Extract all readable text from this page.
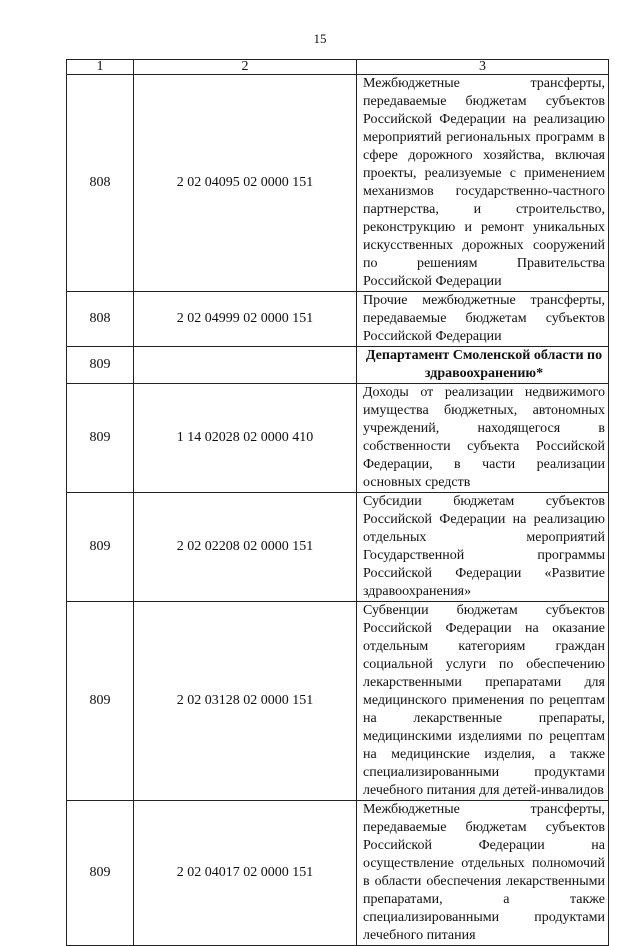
15
1	2	3
808	2 02 04095 02 0000 151	Межбюджетные трансферты, передаваемые бюджетам субъектов Российской Федерации на реализацию мероприятий региональных программ в сфере дорожного хозяйства, включая проекты, реализуемые с применением механизмов государственно-частного партнерства, и строительство, реконструкцию и ремонт уникальных искусственных дорожных сооружений по решениям Правительства Российской Федерации
808	2 02 04999 02 0000 151	Прочие межбюджетные трансферты, передаваемые бюджетам субъектов Российской Федерации
809		Департамент Смоленской области по здравоохранению*
809	1 14 02028 02 0000 410	Доходы от реализации недвижимого имущества бюджетных, автономных учреждений, находящегося в собственности субъекта Российской Федерации, в части реализации основных средств
809	2 02 02208 02 0000 151	Субсидии бюджетам субъектов Российской Федерации на реализацию отдельных мероприятий Государственной программы Российской Федерации «Развитие здравоохранения»
809	2 02 03128 02 0000 151	Субвенции бюджетам субъектов Российской Федерации на оказание отдельным категориям граждан социальной услуги по обеспечению лекарственными препаратами для медицинского применения по рецептам на лекарственные препараты, медицинскими изделиями по рецептам на медицинские изделия, а также специализированными продуктами лечебного питания для детей-инвалидов
809	2 02 04017 02 0000 151	Межбюджетные трансферты, передаваемые бюджетам субъектов Российской Федерации на осуществление отдельных полномочий в области обеспечения лекарственными препаратами, а также специализированными продуктами лечебного питания
